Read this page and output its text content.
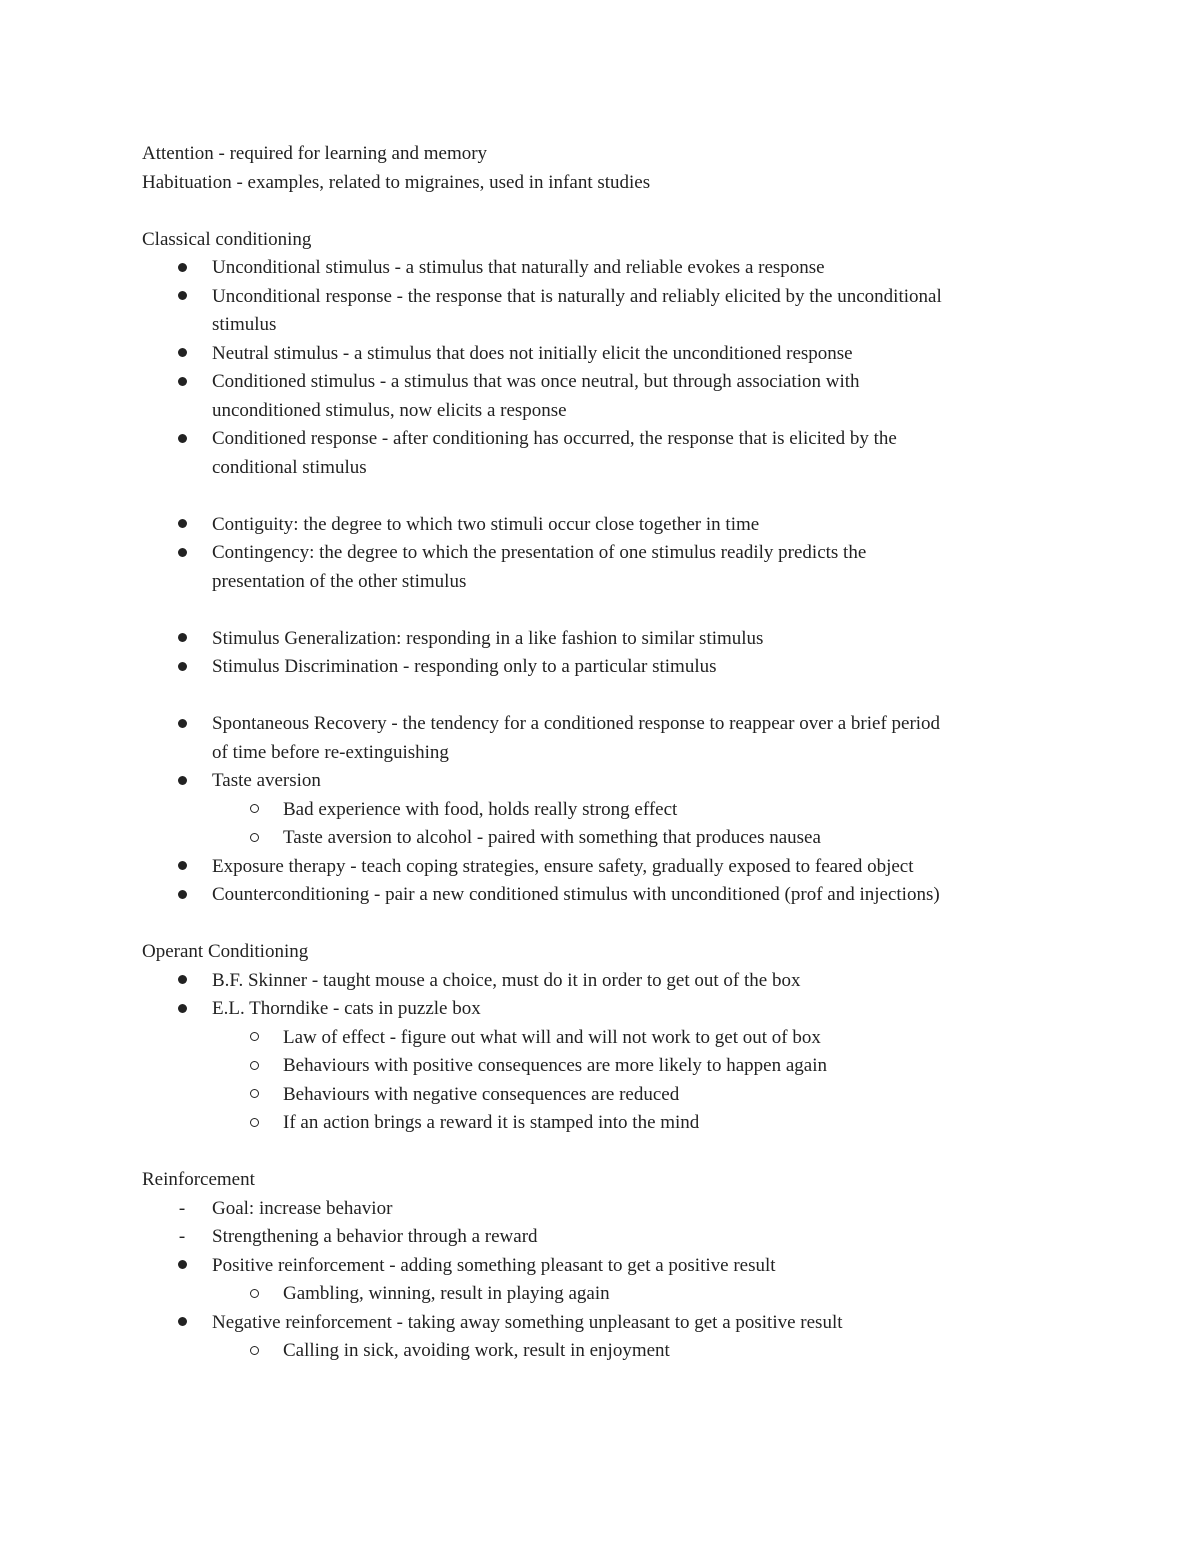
Attention - required for learning and memory

Habituation - examples, related to migraines, used in infant studies

Classical conditioning

Unconditional stimulus - a stimulus that naturally and reliable evokes a response
Unconditional response - the response that is naturally and reliably elicited by the unconditional
stimulus
Neutral stimulus - a stimulus that does not initially elicit the unconditioned response
Conditioned stimulus - a stimulus that was once neutral, but through association with
unconditioned stimulus, now elicits a response
Conditioned response - after conditioning has occurred, the response that is elicited by the
conditional stimulus
Contiguity: the degree to which two stimuli occur close together in time
Contingency: the degree to which the presentation of one stimulus readily predicts the
presentation of the other stimulus
Stimulus Generalization: responding in a like fashion to similar stimulus
Stimulus Discrimination - responding only to a particular stimulus
Spontaneous Recovery - the tendency for a conditioned response to reappear over a brief period
of time before re-extinguishing
Taste aversion
Bad experience with food, holds really strong effect
Taste aversion to alcohol - paired with something that produces nausea
Exposure therapy - teach coping strategies, ensure safety, gradually exposed to feared object
Counterconditioning - pair a new conditioned stimulus with unconditioned (prof and injections)

Operant Conditioning

B.F. Skinner - taught mouse a choice, must do it in order to get out of the box
E.L. Thorndike - cats in puzzle box
Law of effect - figure out what will and will not work to get out of box
Behaviours with positive consequences are more likely to happen again
Behaviours with negative consequences are reduced
If an action brings a reward it is stamped into the mind

Reinforcement

-	Goal: increase behavior
-	Strengthening a behavior through a reward
Positive reinforcement - adding something pleasant to get a positive result
Gambling, winning, result in playing again
Negative reinforcement - taking away something unpleasant to get a positive result
Calling in sick, avoiding work, result in enjoyment
